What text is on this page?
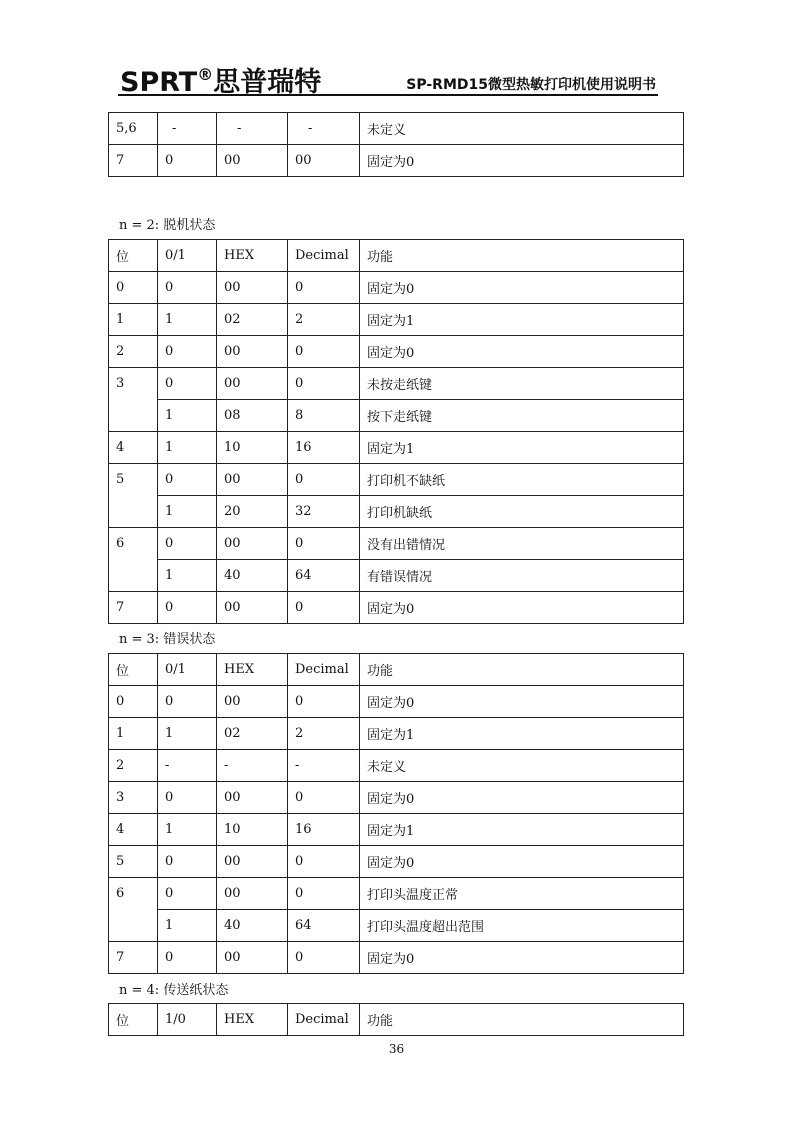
SPRT®思普瑞特	SP-RMD15微型热敏打印机使用说明书
5,6	-	-	-	未定义
7	0	00	00	固定为0
n = 2: 脱机状态
位	0/1	HEX	Decimal	功能
0	0	00	0	固定为0
1	1	02	2	固定为1
2	0	00	0	固定为0
3	0	00	0	未按走纸键
	1	08	8	按下走纸键
4	1	10	16	固定为1
5	0	00	0	打印机不缺纸
	1	20	32	打印机缺纸
6	0	00	0	没有出错情况
	1	40	64	有错误情况
7	0	00	0	固定为0
n = 3: 错误状态
位	0/1	HEX	Decimal	功能
0	0	00	0	固定为0
1	1	02	2	固定为1
2	-	-	-	未定义
3	0	00	0	固定为0
4	1	10	16	固定为1
5	0	00	0	固定为0
6	0	00	0	打印头温度正常
	1	40	64	打印头温度超出范围
7	0	00	0	固定为0
n = 4: 传送纸状态
位	1/0	HEX	Decimal	功能
36
